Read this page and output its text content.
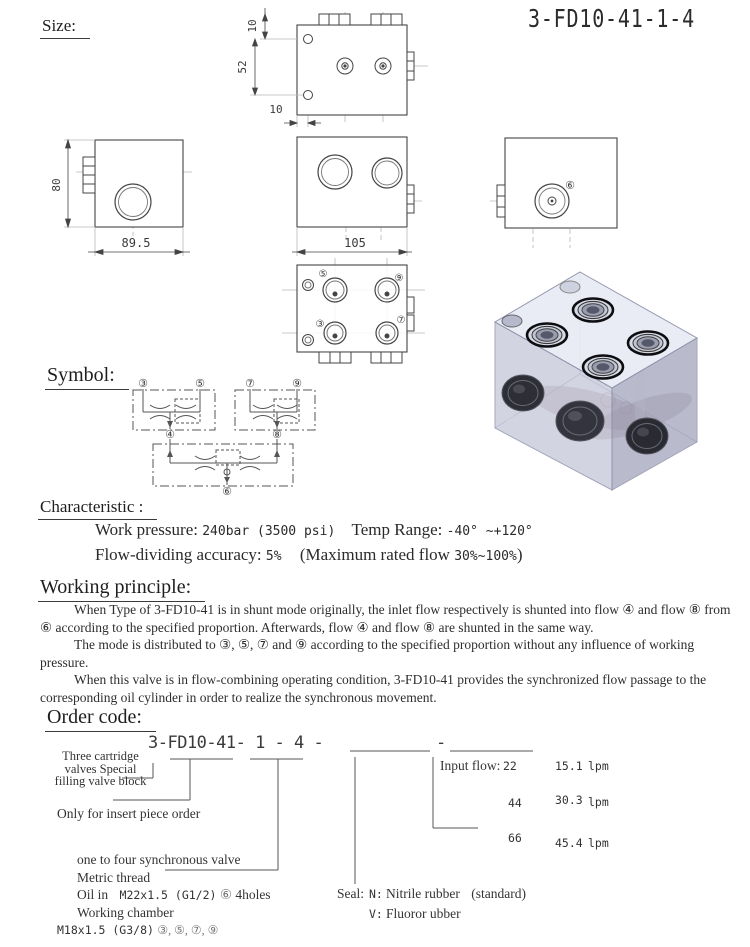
Size:	3-FD10-41-1-4
10
52
10
80
89.5	105
⑥
⑤	⑨
③	⑦
Symbol:	③	⑤	⑦	⑨
④	⑧
⑥
Characteristic :
Work pressure: 240bar (3500 psi) Temp Range: -40° ~+120°
Flow-dividing accuracy: 5% (Maximum rated flow 30%~100%)
Working principle:

When Type of 3-FD10-41 is in shunt mode originally, the inlet flow respectively is shunted into flow ④ and flow ⑧ from ⑥ according to the specified proportion. Afterwards, flow ④ and flow ⑧ are shunted in the same way.

The mode is distributed to ③, ⑤, ⑦ and ⑨ according to the specified proportion without any influence of working pressure.

When this valve is in flow-combining operating condition, 3-FD10-41 provides the synchronized flow passage to the corresponding oil cylinder in order to realize the synchronous movement.

Order code:
3-FD10-41- 1 - 4 -	-
Three cartridge
valves Special
filling valve block
Only for insert piece order
one to four synchronous valve
Metric thread
Oil in M22x1.5 (G1/2) ⑥ 4holes
Working chamber
M18x1.5 (G3/8) ③, ⑤, ⑦, ⑨
Input flow: 22	15.1 lpm
44	30.3 lpm
66	45.4 lpm
Seal: N: Nitrile rubber (standard)
V: Fluoror ubber
